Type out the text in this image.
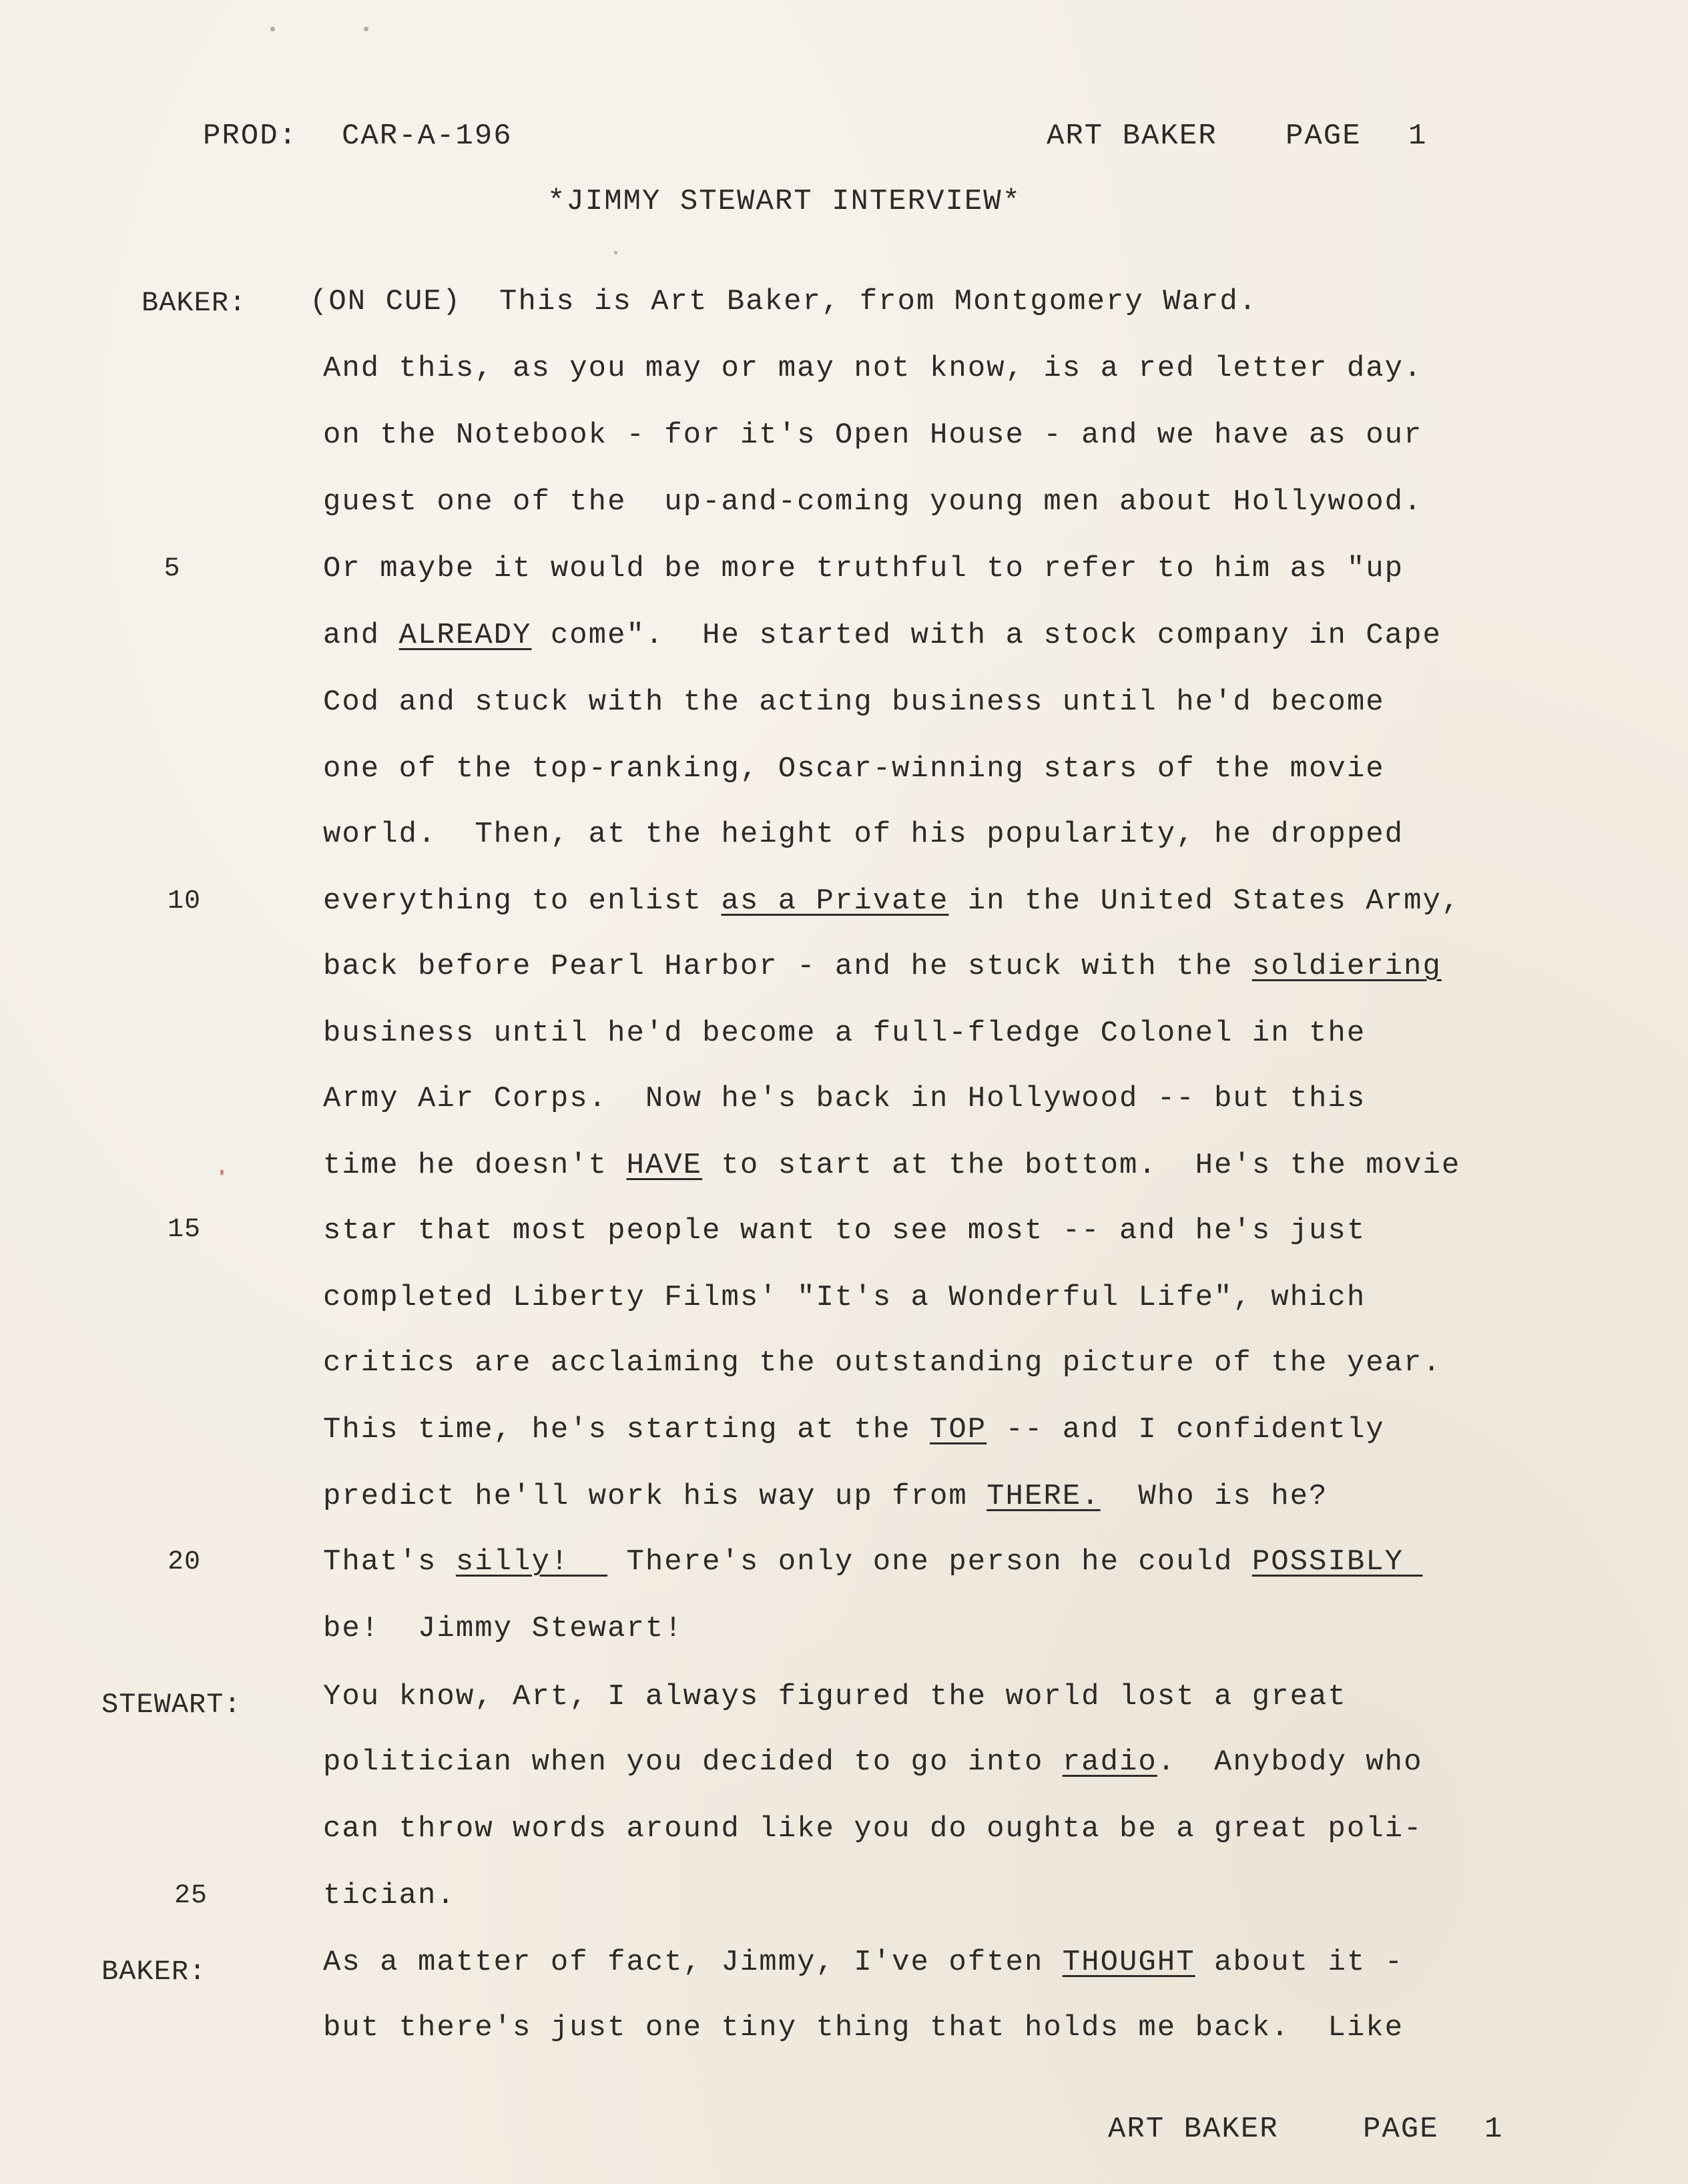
PROD: CAR-A-196	ART BAKER PAGE 1
*JIMMY STEWART INTERVIEW*
BAKER:
STEWART:
BAKER:
5
10
15
20
25
(ON CUE)  This is Art Baker, from Montgomery Ward.
And this, as you may or may not know, is a red letter day.
on the Notebook - for it's Open House - and we have as our
guest one of the  up-and-coming young men about Hollywood.
Or maybe it would be more truthful to refer to him as "up
and ALREADY come".  He started with a stock company in Cape
Cod and stuck with the acting business until he'd become
one of the top-ranking, Oscar-winning stars of the movie
world.  Then, at the height of his popularity, he dropped
everything to enlist as a Private in the United States Army,
back before Pearl Harbor - and he stuck with the soldiering
business until he'd become a full-fledge Colonel in the
Army Air Corps.  Now he's back in Hollywood -- but this
time he doesn't HAVE to start at the bottom.  He's the movie
star that most people want to see most -- and he's just
completed Liberty Films' "It's a Wonderful Life", which
critics are acclaiming the outstanding picture of the year.
This time, he's starting at the TOP -- and I confidently
predict he'll work his way up from THERE.  Who is he?
That's silly!   There's only one person he could POSSIBLY
be!  Jimmy Stewart!
You know, Art, I always figured the world lost a great
politician when you decided to go into radio.  Anybody who
can throw words around like you do oughta be a great poli-
tician.
As a matter of fact, Jimmy, I've often THOUGHT about it -
but there's just one tiny thing that holds me back.  Like
ART BAKER	PAGE 1
